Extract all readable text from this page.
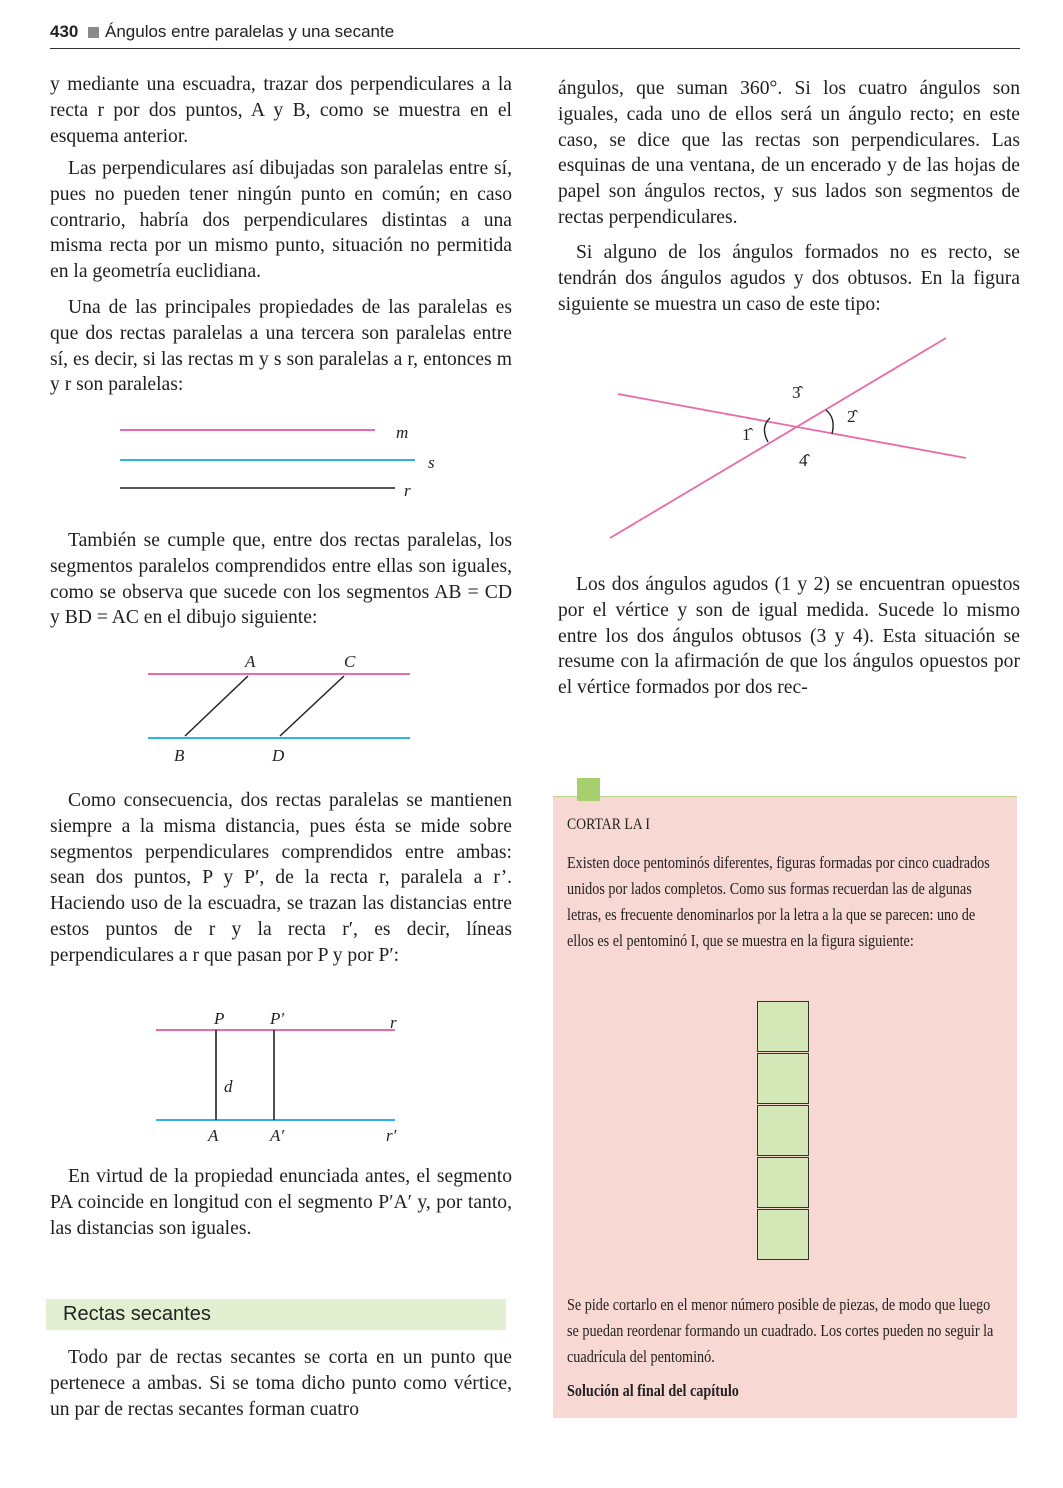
430 Ángulos entre paralelas y una secante

y mediante una escuadra, trazar dos perpendiculares a la recta r por dos puntos, A y B, como se muestra en el esquema anterior.

Las perpendiculares así dibujadas son paralelas entre sí, pues no pueden tener ningún punto en común; en caso contrario, habría dos perpendiculares distintas a una misma recta por un mismo punto, situación no permitida en la geometría euclidiana.

Una de las principales propiedades de las paralelas es que dos rectas paralelas a una tercera son paralelas entre sí, es decir, si las rectas m y s son paralelas a r, entonces m y r son paralelas:

m
s
r

También se cumple que, entre dos rectas paralelas, los segmentos paralelos comprendidos entre ellas son iguales, como se observa que sucede con los segmentos AB = CD y BD = AC en el dibujo siguiente:

A	C
B	D

Como consecuencia, dos rectas paralelas se mantienen siempre a la misma distancia, pues ésta se mide sobre segmentos perpendiculares comprendidos entre ambas: sean dos puntos, P y P′, de la recta r, paralela a r’. Haciendo uso de la escuadra, se trazan las distancias entre estos puntos de r y la recta r′, es decir, líneas perpendiculares a r que pasan por P y por P′:

P	P′	r
d
A	A′	r′

En virtud de la propiedad enunciada antes, el segmento PA coincide en longitud con el segmento P′A′ y, por tanto, las distancias son iguales.

Rectas secantes

Todo par de rectas secantes se corta en un punto que pertenece a ambas. Si se toma dicho punto como vértice, un par de rectas secantes forman cuatro

ángulos, que suman 360°. Si los cuatro ángulos son iguales, cada uno de ellos será un ángulo recto; en este caso, se dice que las rectas son perpendiculares. Las esquinas de una ventana, de un encerado y de las hojas de papel son ángulos rectos, y sus lados son segmentos de rectas perpendiculares.

Si alguno de los ángulos formados no es recto, se tendrán dos ángulos agudos y dos obtusos. En la figura siguiente se muestra un caso de este tipo:

3̂
2̂
1̂
4̂

Los dos ángulos agudos (1 y 2) se encuentran opuestos por el vértice y son de igual medida. Sucede lo mismo entre los dos ángulos obtusos (3 y 4). Esta situación se resume con la afirmación de que los ángulos opuestos por el vértice formados por dos rec-

CORTAR LA I
Existen doce pentominós diferentes, figuras formadas por cinco cuadrados unidos por lados completos. Como sus formas recuerdan las de algunas letras, es frecuente denominarlos por la letra a la que se parecen: uno de ellos es el pentominó I, que se muestra en la figura siguiente:
Se pide cortarlo en el menor número posible de piezas, de modo que luego se puedan reordenar formando un cuadrado. Los cortes pueden no seguir la cuadrícula del pentominó.
Solución al final del capítulo
